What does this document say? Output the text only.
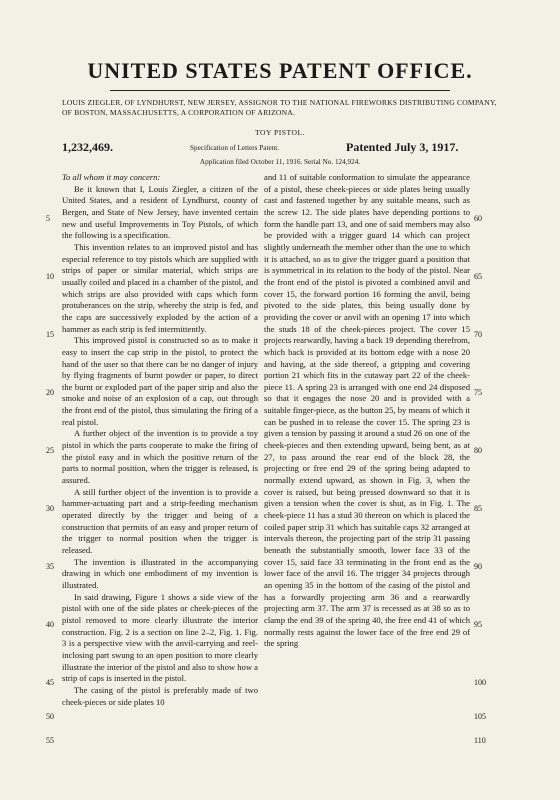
UNITED STATES PATENT OFFICE.
LOUIS ZIEGLER, OF LYNDHURST, NEW JERSEY, ASSIGNOR TO THE NATIONAL FIREWORKS DISTRIBUTING COMPANY, OF BOSTON, MASSACHUSETTS, A CORPORATION OF ARIZONA.
TOY PISTOL.
1,232,469.	Specification of Letters Patent.	Patented July 3, 1917.
Application filed October 11, 1916. Serial No. 124,924.

To all whom it may concern:

Be it known that I, Louis Ziegler, a citizen of the United States, and a resident of Lyndhurst, county of Bergen, and State of New Jersey, have invented certain new and useful Improvements in Toy Pistols, of which the following is a specification.

This invention relates to an improved pistol and has especial reference to toy pistols which are supplied with strips of paper or similar material, which strips are usually coiled and placed in a chamber of the pistol, and which strips are also provided with caps which form protuberances on the strip, whereby the strip is fed, and the caps are successively exploded by the action of a hammer as each strip is fed intermittently.

This improved pistol is constructed so as to make it easy to insert the cap strip in the pistol, to protect the hand of the user so that there can be no danger of injury by flying fragments of burnt powder or paper, to direct the burnt or exploded part of the paper strip and also the smoke and noise of an explosion of a cap, out through the front end of the pistol, thus simulating the firing of a real pistol.

A further object of the invention is to provide a toy pistol in which the parts cooperate to make the firing of the pistol easy and in which the positive return of the parts to normal position, when the trigger is released, is assured.

A still further object of the invention is to provide a hammer-actuating part and a strip-feeding mechanism operated directly by the trigger and being of a construction that permits of an easy and proper return of the trigger to normal position when the trigger is released.

The invention is illustrated in the accompanying drawing in which one embodiment of my invention is illustrated.

In said drawing, Figure 1 shows a side view of the pistol with one of the side plates or cheek-pieces of the pistol removed to more clearly illustrate the interior construction. Fig. 2 is a section on line 2–2, Fig. 1. Fig. 3 is a perspective view with the anvil-carrying and reel-inclosing part swung to an open position to more clearly illustrate the interior of the pistol and also to show how a strip of caps is inserted in the pistol.

The casing of the pistol is preferably made of two cheek-pieces or side plates 10

and 11 of suitable conformation to simulate the appearance of a pistol, these cheek-pieces or side plates being usually cast and fastened together by any suitable means, such as the screw 12. The side plates have depending portions to form the handle part 13, and one of said members may also be provided with a trigger guard 14 which can project slightly underneath the member other than the one to which it is attached, so as to give the trigger guard a position that is symmetrical in its relation to the body of the pistol. Near the front end of the pistol is pivoted a combined anvil and cover 15, the forward portion 16 forming the anvil, being pivoted to the side plates, this being usually done by providing the cover or anvil with an opening 17 into which the studs 18 of the cheek-pieces project. The cover 15 projects rearwardly, having a back 19 depending therefrom, which back is provided at its bottom edge with a nose 20 and having, at the side thereof, a gripping and covering portion 21 which fits in the cutaway part 22 of the cheek-piece 11. A spring 23 is arranged with one end 24 disposed so that it engages the nose 20 and is provided with a suitable finger-piece, as the button 25, by means of which it can be pushed in to release the cover 15. The spring 23 is given a tension by passing it around a stud 26 on one of the cheek-pieces and then extending upward, being bent, as at 27, to pass around the rear end of the block 28, the projecting or free end 29 of the spring being adapted to normally extend upward, as shown in Fig. 3, when the cover is raised, but being pressed downward so that it is given a tension when the cover is shut, as in Fig. 1. The cheek-piece 11 has a stud 30 thereon on which is placed the coiled paper strip 31 which has suitable caps 32 arranged at intervals thereon, the projecting part of the strip 31 passing beneath the substantially smooth, lower face 33 of the cover 15, said face 33 terminating in the front end as the lower face of the anvil 16. The trigger 34 projects through an opening 35 in the bottom of the casing of the pistol and has a forwardly projecting arm 36 and a rearwardly projecting arm 37. The arm 37 is recessed as at 38 so as to clamp the end 39 of the spring 40, the free end 41 of which normally rests against the lower face of the free end 29 of the spring

5
10
15
20
25
30
35
40
45
50
55
60
65
70
75
80
85
90
95
100
105
110
